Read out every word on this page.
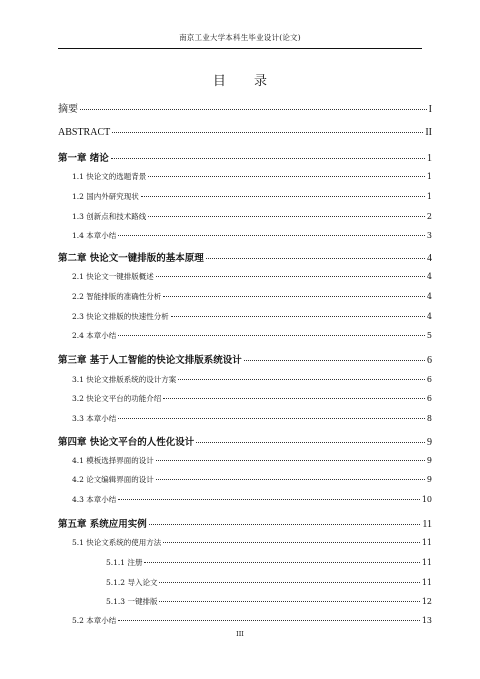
南京工业大学本科生毕业设计(论文)
目 录
摘要	I
ABSTRACT	II
第一章 绪论	1
1.1 快论文的选题背景	1
1.2 国内外研究现状	1
1.3 创新点和技术路线	2
1.4 本章小结	3
第二章 快论文一键排版的基本原理	4
2.1 快论文一键排版概述	4
2.2 智能排版的准确性分析	4
2.3 快论文排版的快速性分析	4
2.4 本章小结	5
第三章 基于人工智能的快论文排版系统设计	6
3.1 快论文排版系统的设计方案	6
3.2 快论文平台的功能介绍	6
3.3 本章小结	8
第四章 快论文平台的人性化设计	9
4.1 模板选择界面的设计	9
4.2 论文编辑界面的设计	9
4.3 本章小结	10
第五章 系统应用实例	11
5.1 快论文系统的使用方法	11
5.1.1 注册	11
5.1.2 导入论文	11
5.1.3 一键排版	12
5.2 本章小结	13
III
